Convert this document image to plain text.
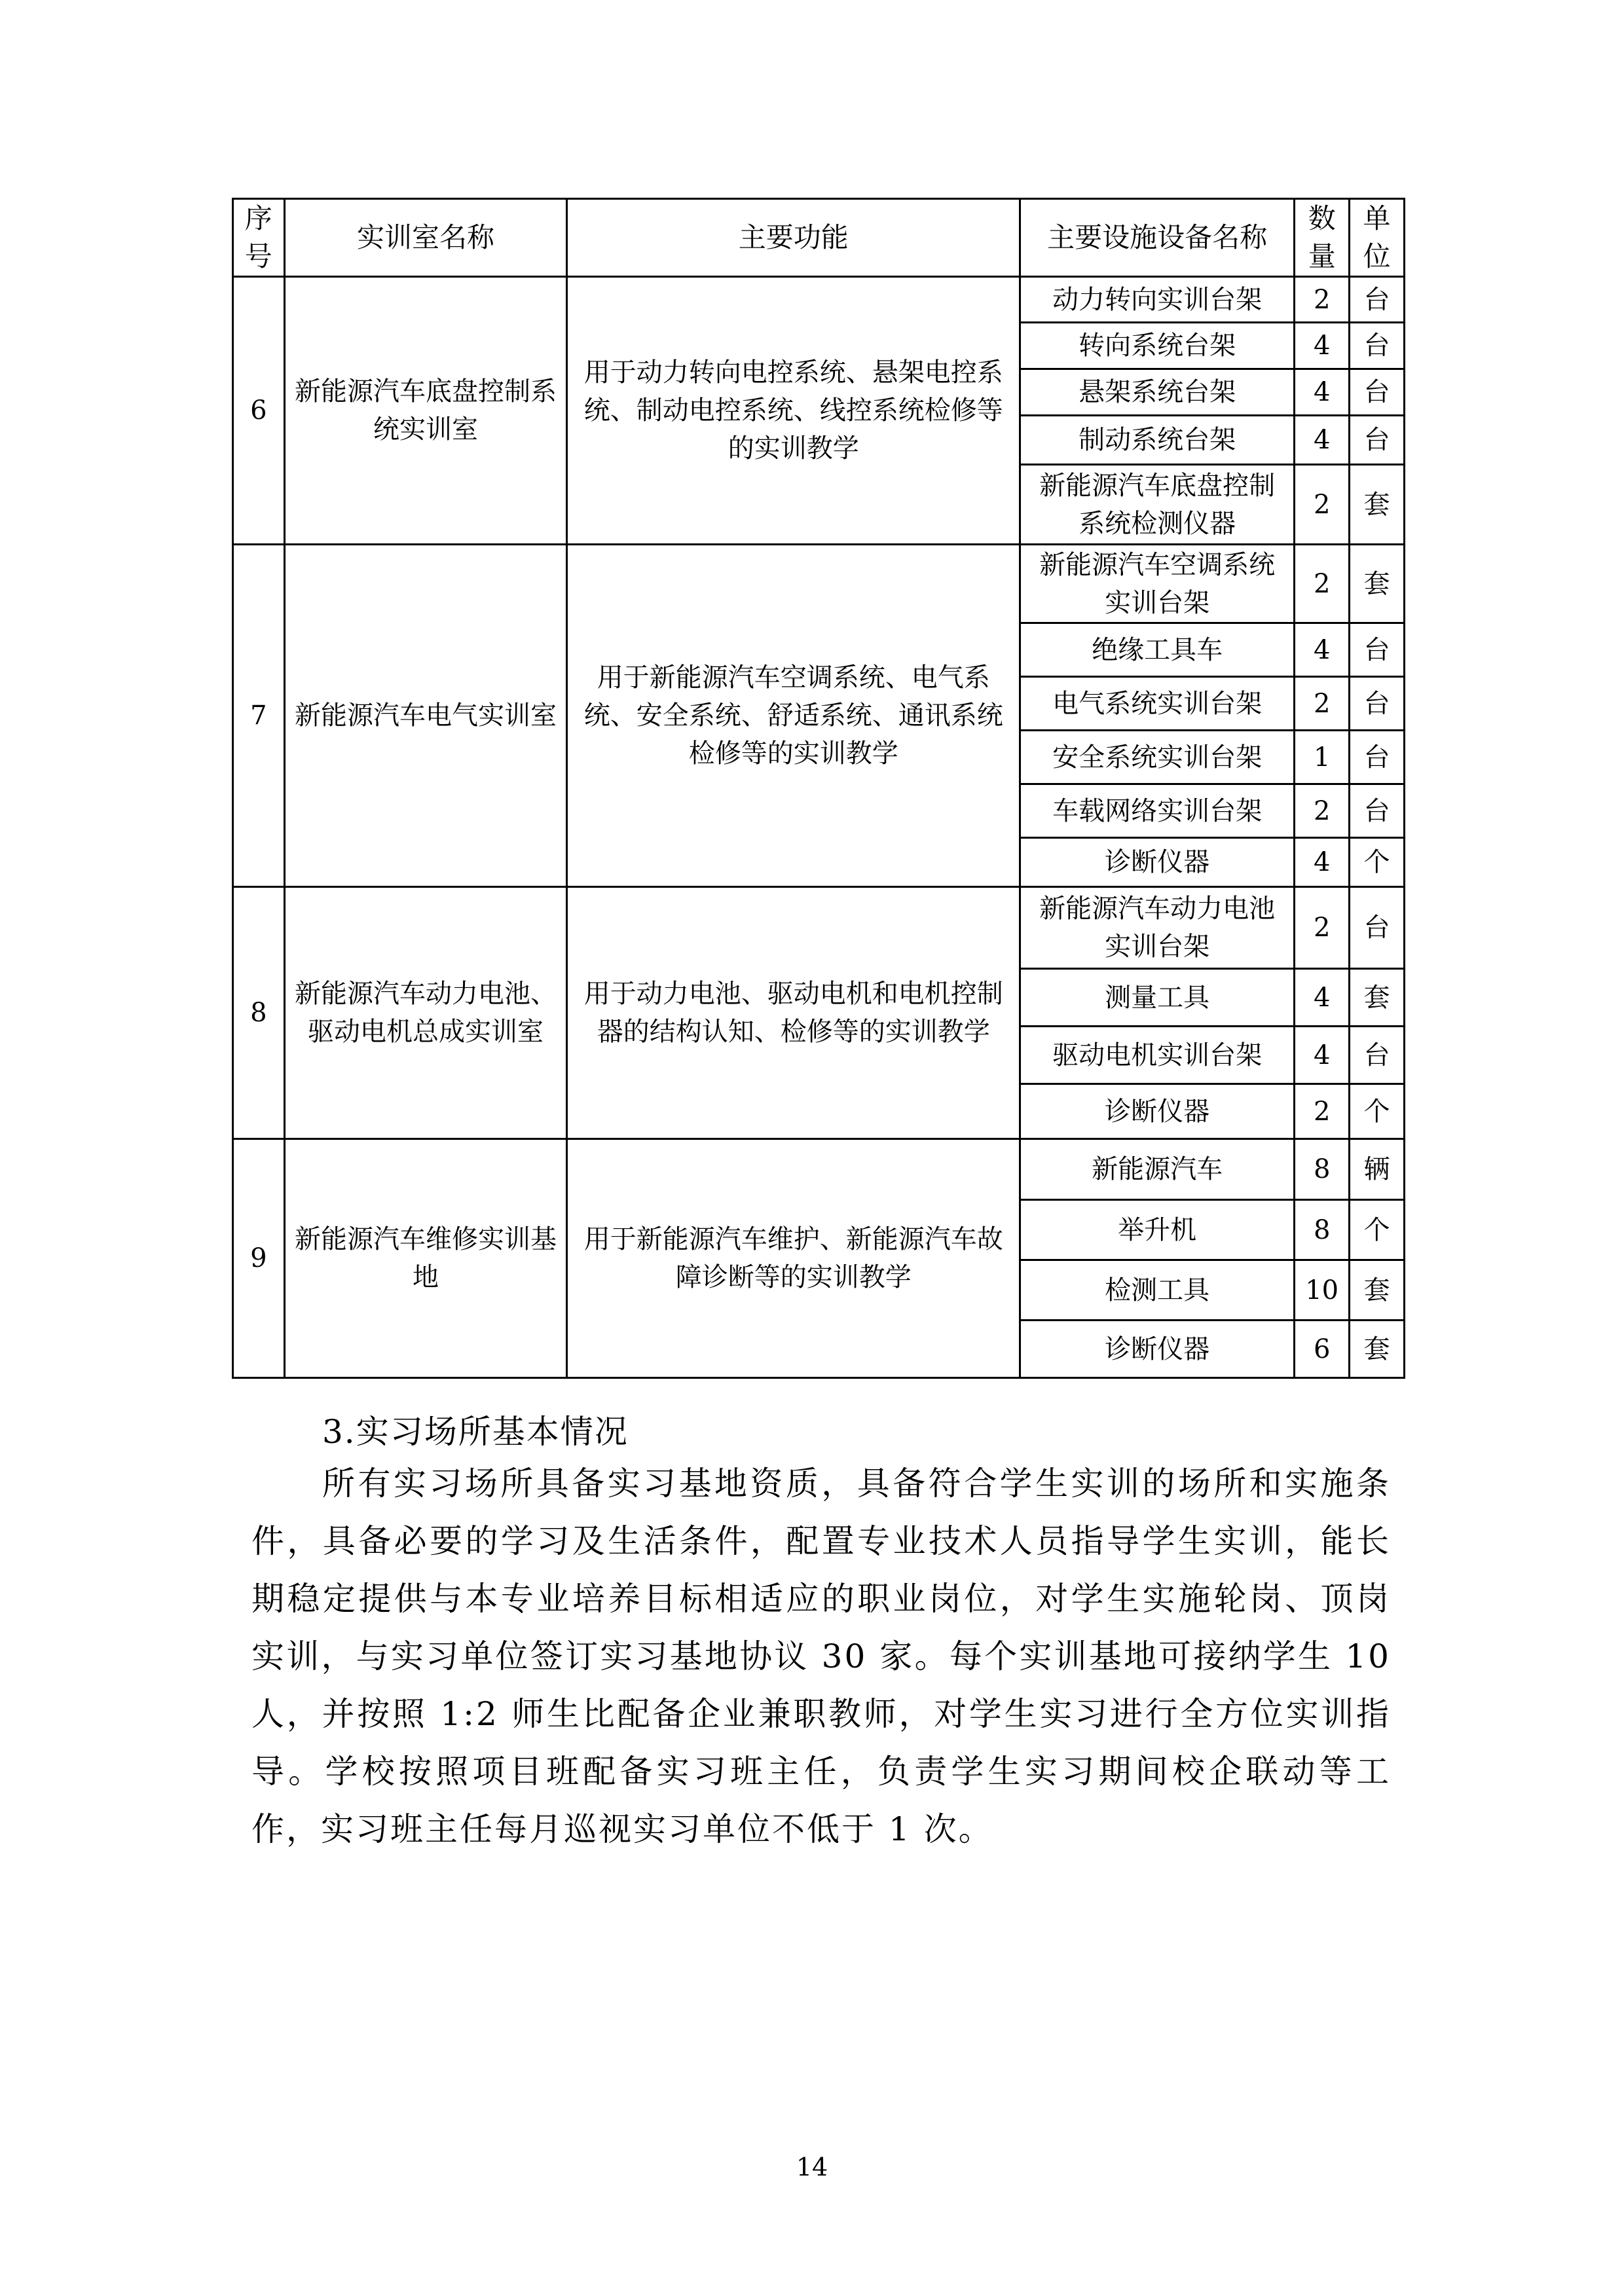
序号	实训室名称	主要功能	主要设施设备名称	数量	单位
6	新能源汽车底盘控制系统实训室	用于动力转向电控系统、悬架电控系统、制动电控系统、线控系统检修等的实训教学	动力转向实训台架	2	台
			转向系统台架	4	台
			悬架系统台架	4	台
			制动系统台架	4	台
			新能源汽车底盘控制系统检测仪器	2	套
7	新能源汽车电气实训室	用于新能源汽车空调系统、电气系统、安全系统、舒适系统、通讯系统检修等的实训教学	新能源汽车空调系统实训台架	2	套
			绝缘工具车	4	台
			电气系统实训台架	2	台
			安全系统实训台架	1	台
			车载网络实训台架	2	台
			诊断仪器	4	个
8	新能源汽车动力电池、驱动电机总成实训室	用于动力电池、驱动电机和电机控制器的结构认知、检修等的实训教学	新能源汽车动力电池实训台架	2	台
			测量工具	4	套
			驱动电机实训台架	4	台
			诊断仪器	2	个
9	新能源汽车维修实训基地	用于新能源汽车维护、新能源汽车故障诊断等的实训教学	新能源汽车	8	辆
			举升机	8	个
			检测工具	10	套
			诊断仪器	6	套
3.实习场所基本情况

所有实习场所具备实习基地资质，具备符合学生实训的场所和实施条件，具备必要的学习及生活条件，配置专业技术人员指导学生实训，能长期稳定提供与本专业培养目标相适应的职业岗位，对学生实施轮岗、顶岗实训，与实习单位签订实习基地协议 30 家。每个实训基地可接纳学生 10 人，并按照 1:2 师生比配备企业兼职教师，对学生实习进行全方位实训指导。学校按照项目班配备实习班主任，负责学生实习期间校企联动等工作，实习班主任每月巡视实习单位不低于 1 次。

14
